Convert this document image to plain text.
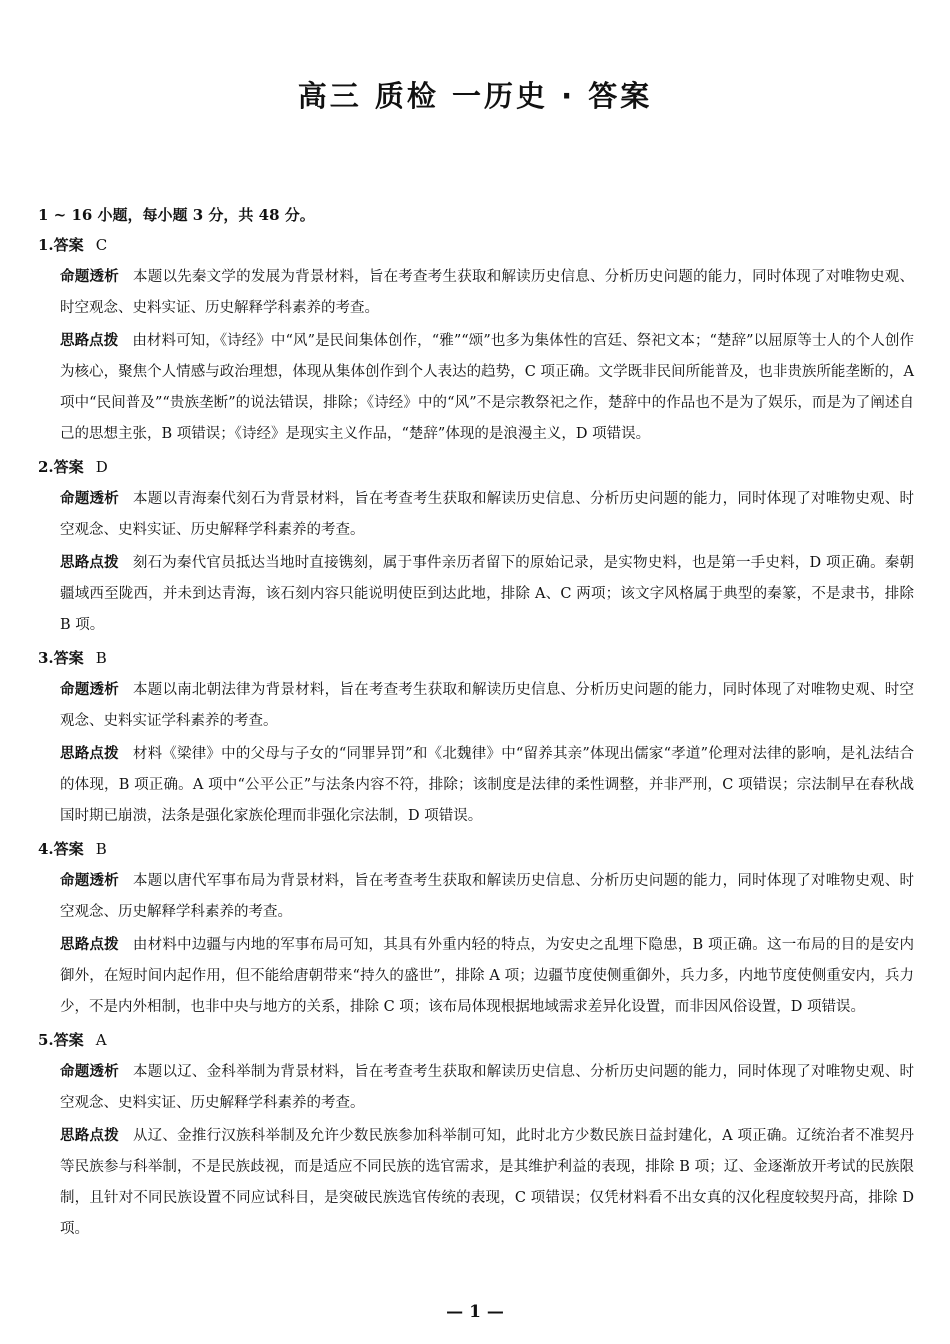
高三 质检 一历史 · 答案
1 ~ 16 小题，每小题 3 分，共 48 分。
1.答案 C

命题透析 本题以先秦文学的发展为背景材料，旨在考查考生获取和解读历史信息、分析历史问题的能力，同时体现了对唯物史观、时空观念、史料实证、历史解释学科素养的考查。

思路点拨 由材料可知，《诗经》中“风”是民间集体创作，“雅”“颂”也多为集体性的宫廷、祭祀文本；“楚辞”以屈原等士人的个人创作为核心，聚焦个人情感与政治理想，体现从集体创作到个人表达的趋势，C 项正确。文学既非民间所能普及，也非贵族所能垄断的，A 项中“民间普及”“贵族垄断”的说法错误，排除；《诗经》中的“风”不是宗教祭祀之作，楚辞中的作品也不是为了娱乐，而是为了阐述自己的思想主张，B 项错误；《诗经》是现实主义作品，“楚辞”体现的是浪漫主义，D 项错误。

2.答案 D

命题透析 本题以青海秦代刻石为背景材料，旨在考查考生获取和解读历史信息、分析历史问题的能力，同时体现了对唯物史观、时空观念、史料实证、历史解释学科素养的考查。

思路点拨 刻石为秦代官员抵达当地时直接镌刻，属于事件亲历者留下的原始记录，是实物史料，也是第一手史料，D 项正确。秦朝疆域西至陇西，并未到达青海，该石刻内容只能说明使臣到达此地，排除 A、C 两项；该文字风格属于典型的秦篆，不是隶书，排除 B 项。

3.答案 B

命题透析 本题以南北朝法律为背景材料，旨在考查考生获取和解读历史信息、分析历史问题的能力，同时体现了对唯物史观、时空观念、史料实证学科素养的考查。

思路点拨 材料《梁律》中的父母与子女的“同罪异罚”和《北魏律》中“留养其亲”体现出儒家“孝道”伦理对法律的影响，是礼法结合的体现，B 项正确。A 项中“公平公正”与法条内容不符，排除；该制度是法律的柔性调整，并非严刑，C 项错误；宗法制早在春秋战国时期已崩溃，法条是强化家族伦理而非强化宗法制，D 项错误。

4.答案 B

命题透析 本题以唐代军事布局为背景材料，旨在考查考生获取和解读历史信息、分析历史问题的能力，同时体现了对唯物史观、时空观念、历史解释学科素养的考查。

思路点拨 由材料中边疆与内地的军事布局可知，其具有外重内轻的特点，为安史之乱埋下隐患，B 项正确。这一布局的目的是安内御外，在短时间内起作用，但不能给唐朝带来“持久的盛世”，排除 A 项；边疆节度使侧重御外，兵力多，内地节度使侧重安内，兵力少，不是内外相制，也非中央与地方的关系，排除 C 项；该布局体现根据地域需求差异化设置，而非因风俗设置，D 项错误。

5.答案 A

命题透析 本题以辽、金科举制为背景材料，旨在考查考生获取和解读历史信息、分析历史问题的能力，同时体现了对唯物史观、时空观念、史料实证、历史解释学科素养的考查。

思路点拨 从辽、金推行汉族科举制及允许少数民族参加科举制可知，此时北方少数民族日益封建化，A 项正确。辽统治者不准契丹等民族参与科举制，不是民族歧视，而是适应不同民族的选官需求，是其维护利益的表现，排除 B 项；辽、金逐渐放开考试的民族限制，且针对不同民族设置不同应试科目，是突破民族选官传统的表现，C 项错误；仅凭材料看不出女真的汉化程度较契丹高，排除 D 项。

— 1 —
